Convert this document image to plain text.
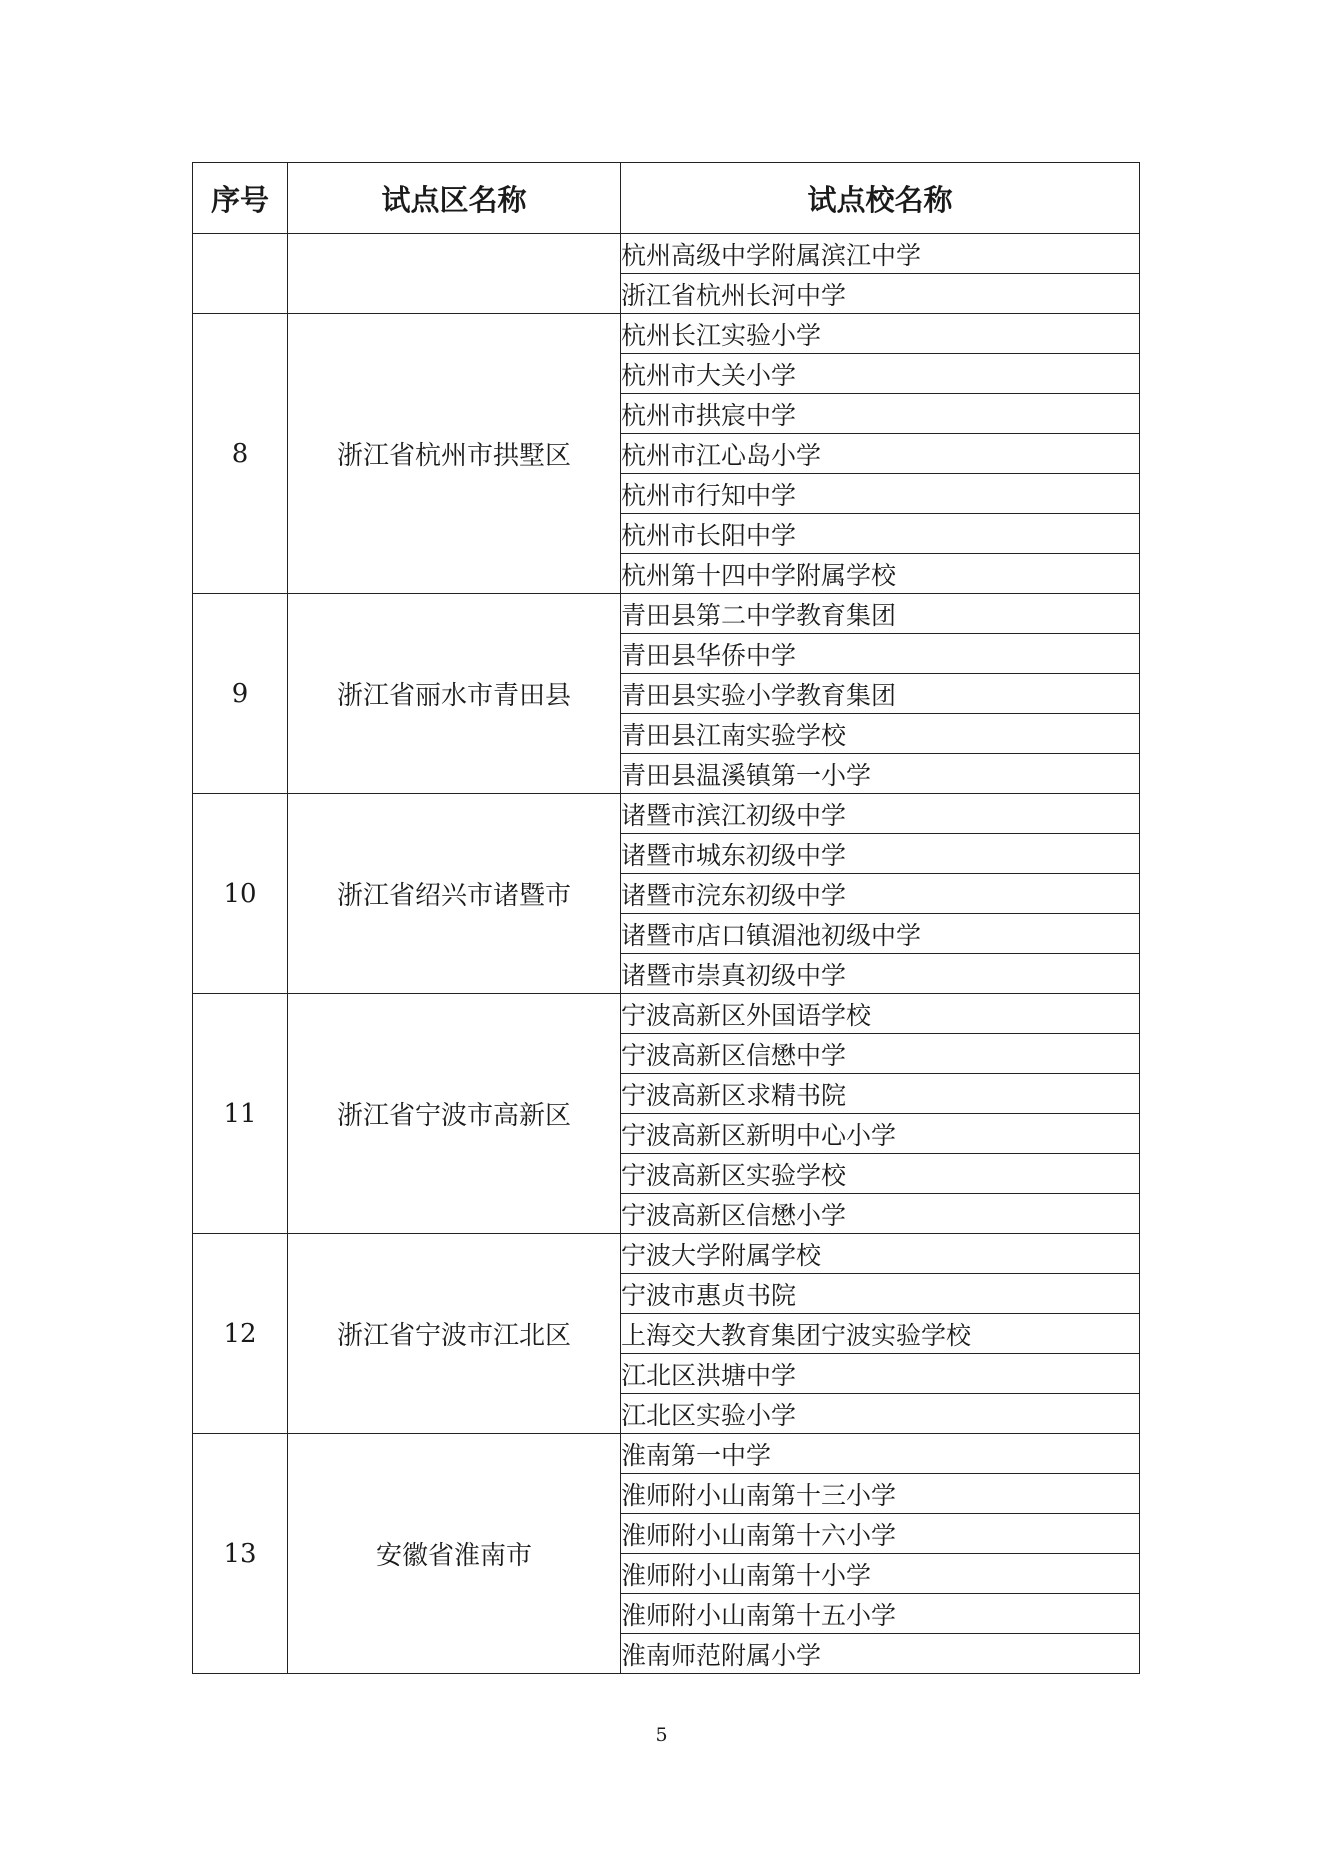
序号	试点区名称	试点校名称
		杭州高级中学附属滨江中学
		浙江省杭州长河中学
8	浙江省杭州市拱墅区	杭州长江实验小学
		杭州市大关小学
		杭州市拱宸中学
		杭州市江心岛小学
		杭州市行知中学
		杭州市长阳中学
		杭州第十四中学附属学校
9	浙江省丽水市青田县	青田县第二中学教育集团
		青田县华侨中学
		青田县实验小学教育集团
		青田县江南实验学校
		青田县温溪镇第一小学
10	浙江省绍兴市诸暨市	诸暨市滨江初级中学
		诸暨市城东初级中学
		诸暨市浣东初级中学
		诸暨市店口镇湄池初级中学
		诸暨市崇真初级中学
11	浙江省宁波市高新区	宁波高新区外国语学校
		宁波高新区信懋中学
		宁波高新区求精书院
		宁波高新区新明中心小学
		宁波高新区实验学校
		宁波高新区信懋小学
12	浙江省宁波市江北区	宁波大学附属学校
		宁波市惠贞书院
		上海交大教育集团宁波实验学校
		江北区洪塘中学
		江北区实验小学
13	安徽省淮南市	淮南第一中学
		淮师附小山南第十三小学
		淮师附小山南第十六小学
		淮师附小山南第十小学
		淮师附小山南第十五小学
		淮南师范附属小学
5
